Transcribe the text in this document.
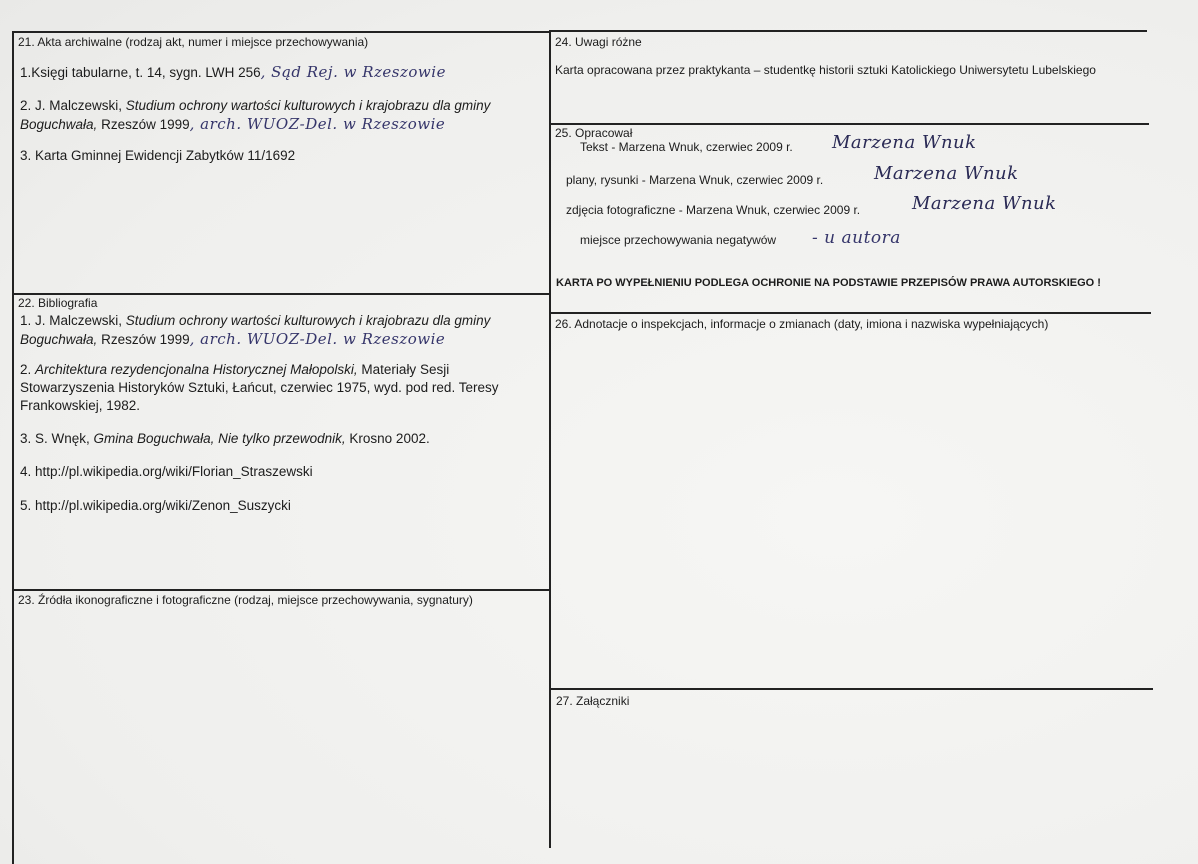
21. Akta archiwalne (rodzaj akt, numer i miejsce przechowywania)
1.Księgi tabularne, t. 14, sygn. LWH 256, Sąd Rej. w Rzeszowie
2. J. Malczewski, Studium ochrony wartości kulturowych i krajobrazu dla gminy
Boguchwała, Rzeszów 1999, arch. WUOZ-Del. w Rzeszowie
3. Karta Gminnej Ewidencji Zabytków 11/1692
22. Bibliografia
1. J. Malczewski, Studium ochrony wartości kulturowych i krajobrazu dla gminy
Boguchwała, Rzeszów 1999, arch. WUOZ-Del. w Rzeszowie
2. Architektura rezydencjonalna Historycznej Małopolski, Materiały Sesji
Stowarzyszenia Historyków Sztuki, Łańcut, czerwiec 1975, wyd. pod red. Teresy
Frankowskiej, 1982.
3. S. Wnęk, Gmina Boguchwała, Nie tylko przewodnik, Krosno 2002.
4. http://pl.wikipedia.org/wiki/Florian_Straszewski
5. http://pl.wikipedia.org/wiki/Zenon_Suszycki
23. Źródła ikonograficzne i fotograficzne (rodzaj, miejsce przechowywania, sygnatury)
24. Uwagi różne
Karta opracowana przez praktykanta – studentkę historii sztuki Katolickiego Uniwersytetu Lubelskiego
25. Opracował
Tekst - Marzena Wnuk, czerwiec 2009 r. Marzena Wnuk
plany, rysunki - Marzena Wnuk, czerwiec 2009 r.	Marzena Wnuk
zdjęcia fotograficzne - Marzena Wnuk, czerwiec 2009 r.	Marzena Wnuk
miejsce przechowywania negatywów - u autora
KARTA PO WYPEŁNIENIU PODLEGA OCHRONIE NA PODSTAWIE PRZEPISÓW PRAWA AUTORSKIEGO !
26. Adnotacje o inspekcjach, informacje o zmianach (daty, imiona i nazwiska wypełniających)
27. Załączniki
